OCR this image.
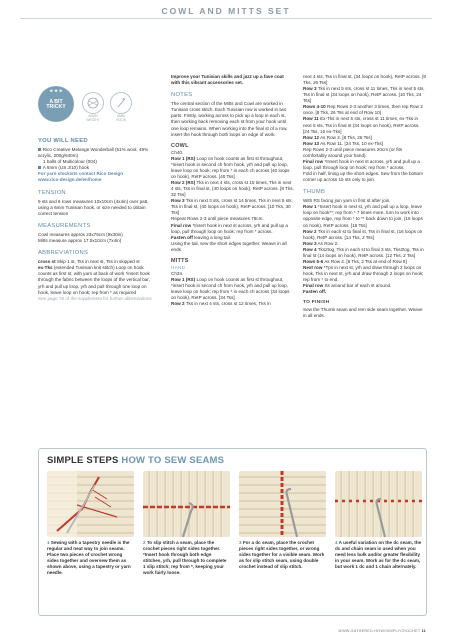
COWL AND MITTS SET
★ ★ ★
A BIT
TRICKY
ARAN
WEIGHT
6MM
HOOK
YOU WILL NEED

Rico Creative Melange Wonderball (51% wool, 49% acrylic, 200g/640m)

1 balls of Multicolour (004)

A 6mm (US J/10) hook

For yarn stockists contact Rico Design

www.rico-design.de/en/home

TENSION

9 sts and 6 rows measures 10x10cm (4x4in) over patt, using a 6mm Tunisian hook, or size needed to obtain correct tension

MEASUREMENTS

Cowl measures approx 23x76cm (9x30in)

Mitts measure approx 17.5x10cm (7x4in)

ABBREVIATIONS

cross st Skip 1 st, Tss in next st, Tss in skipped st

ex-Tks (extended Tunisian knit stitch) Loop on hook counts as first st, with yarn at back of work *insert hook through the fabric between the loops of the vertical bar, yrh and pull up loop, yrh and pull through one loop on hook, leave loop on hook; rep from * as required

See page 76 of the supplement for further abbreviations

Improve your Tunisian skills and jazz up a fave coat with this vibrant accessories set.

NOTES

The central section of the Mitts and Cowl are worked in Tunisian cross stitch. Each Tunisian row is worked in two parts. Firstly, working across to pick up a loop in each st, then working back removing each st from your hook until one loop remains. When working into the final st of a row, insert the hook through both loops on edge of work.

COWL

Ch40.

Row 1 (RS) Loop on hook counts as first st throughout, *insert hook in second ch from hook, yrh and pull up loop, leave loop on hook; rep from * in each ch across (40 loops on hook), RetP across. [40 Tss]

Row 2 (RS) Tks in next 4 sts, cross st 15 times, Tks in next 4 sts, Tss in final st, (40 loops on hook), RetP across. [8 Tks, 32 Tss]

Row 3 Tks in next 3 sts, cross st 14 times, Tks in next 5 sts, Tss in final st, (40 loops on hook), RetP across. [10 Tks, 30 Tss]

Repeat Rows 2-3 until piece measures 76cm.

Final row *Insert hook in next st across, yrh and pull up a loop, pull through loop on hook; rep from * across.

Fasten off leaving a long tail.

Using the tail, sew the short edges together. Weave in all ends.

MITTS
HAND

Ch34.

Row 1 (RS) Loop on hook counts as first st throughout, *insert hook in second ch from hook, yrh and pull up loop, leave loop on hook; rep from * in each ch across (34 loops on hook), RetP across. [34 Tss]

Row 2 Tks in next 4 sts, cross st 12 times, Tks in

next 4 sts, Tss in final st, (34 loops on hook), RetP across. [8 Tks, 26 Tss]

Row 3 Tks in next 5 sts, cross st 11 times, Tks in next 5 sts, Tss in final st (34 loops on hook), RetP across. [10 Tks, 24 Tss]

Rows 4-10 Rep Rows 2-3 another 3 times, then rep Row 2 once. [8 Tks, 26 Tss at end of Row 10]

Row 11 Ex-Tks in next 5 sts, cross st 11 times, ex-Tks in next 5 sts, Tss in final st (34 loops on hook), RetP across. [24 Tss, 10 ex-Tks]

Row 12 As Row 2. [8 Tks, 26 Tss]

Row 13 As Row 11. [24 Tss, 10 ex-Tks]

Rep Rows 2-3 until piece measures 20cm (or fits comfortably around your hand).

Final row *Insert hook in next st across, yrh and pull up a loop, pull through loop on hook; rep from * across.

Fold in half, lining up the short edges. Sew from the bottom corner up across 15 sts only to join.

THUMB

With RS facing join yarn in first st after join.

Row 1 *Insert hook in next st, yrh and pull up a loop, leave loop on hook**; rep from * 7 times more, turn to work into opposite edge, rep from * to ** back down to join, (16 loops on hook), RetP across. [16 Tss]

Row 2 Tks in each st to final st, Tss in final st, (16 loops on hook), RetP across. [14 Tks, 2 Tss]

Row 3 As Row 2.

Row 4 Tks2tog, Tks in each st to final 3 sts, Tks2tog, Tss in final st (14 loops on hook), RetP across. [12 Tks, 2 Tss]

Rows 5-6 As Row 4. [8 Tks, 2 Tss at end of Row 6]

Next row *Tps in next st, yrh and draw through 2 loops on hook, Tks in next st, yrh and draw through 2 loops on hook; rep from * to end.

Final row Ss around bar of each st around.

Fasten off.

TO FINISH

Sew the Thumb seam and rem side seam together. Weave in all ends.

SIMPLE STEPS HOW TO SEW SEAMS

1 Sewing with a tapestry needle is the regular and neat way to join seams. Place two pieces of crochet wrong sides together and oversew them as shown above, using a tapestry or yarn needle.

2 To slip stitch a seam, place the crochet pieces right sides together. *Insert hook through both edge stitches, yrh, pull through to complete 1 slip stitch; rep from *, keeping your work fairly loose.

3 For a dc seam, place the crochet pieces right sides together, or wrong sides together for a visible seam. Work as for slip stitch seam, using double crochet instead of slip stitch.

4 A useful variation on the dc seam, the dc and chain seam is used when you need less bulk and/or greater flexibility in your seam. Work as for the dc seam, but work 1 dc and 1 chain alternately.

WWW.GATHERED.HOW/SIMPLYCROCHET 11
